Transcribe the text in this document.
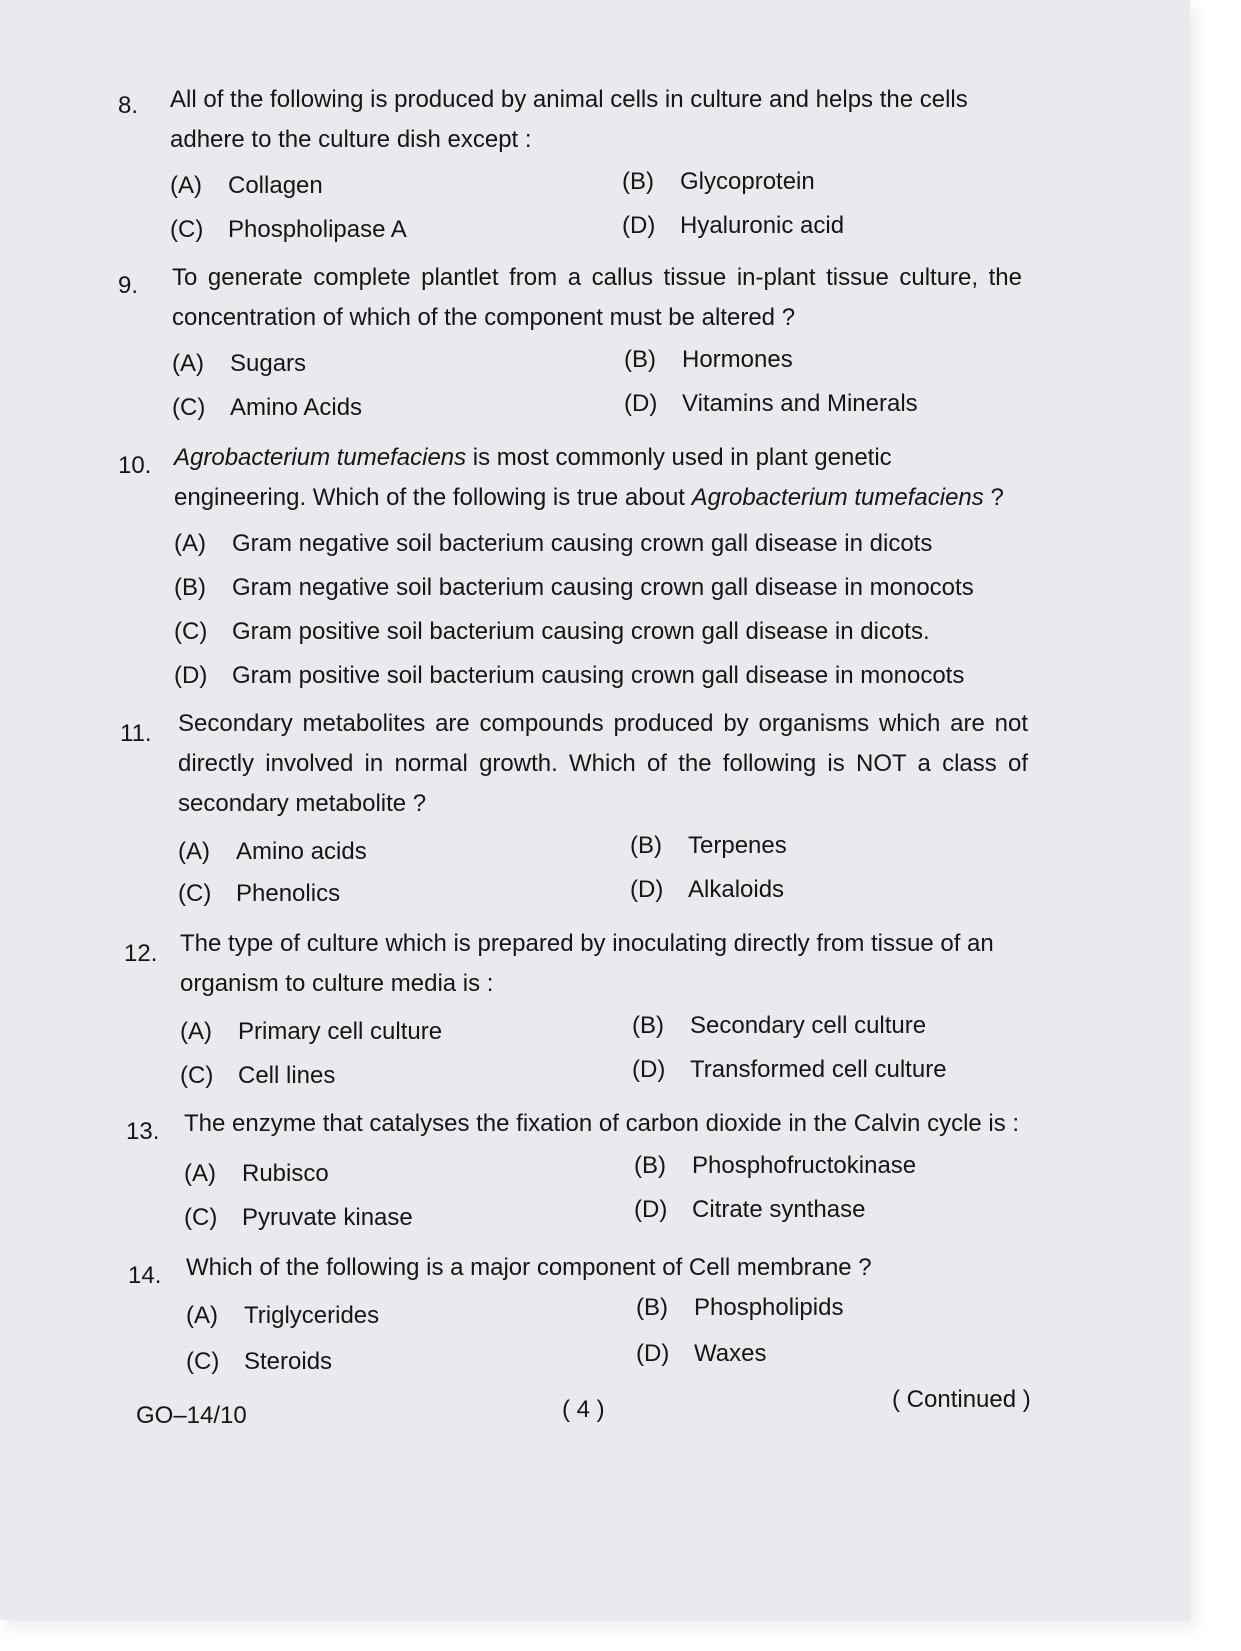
8. All of the following is produced by animal cells in culture and helps the cells adhere to the culture dish except :
(A) Collagen	(B) Glycoprotein
(C) Phospholipase A	(D) Hyaluronic acid
9. To generate complete plantlet from a callus tissue in-plant tissue culture, the concentration of which of the component must be altered ?
(A) Sugars	(B) Hormones
(C) Amino Acids	(D) Vitamins and Minerals
10. Agrobacterium tumefaciens is most commonly used in plant genetic engineering. Which of the following is true about Agrobacterium tumefaciens ?
(A) Gram negative soil bacterium causing crown gall disease in dicots
(B) Gram negative soil bacterium causing crown gall disease in monocots
(C) Gram positive soil bacterium causing crown gall disease in dicots.
(D) Gram positive soil bacterium causing crown gall disease in monocots
11. Secondary metabolites are compounds produced by organisms which are not directly involved in normal growth. Which of the following is NOT a class of secondary metabolite ?
(A) Amino acids	(B) Terpenes
(C) Phenolics	(D) Alkaloids
12. The type of culture which is prepared by inoculating directly from tissue of an organism to culture media is :
(A) Primary cell culture	(B) Secondary cell culture
(C) Cell lines	(D) Transformed cell culture
13. The enzyme that catalyses the fixation of carbon dioxide in the Calvin cycle is :
(A) Rubisco	(B) Phosphofructokinase
(C) Pyruvate kinase	(D) Citrate synthase
14. Which of the following is a major component of Cell membrane ?
(A) Triglycerides	(B) Phospholipids
(C) Steroids	(D) Waxes
GO–14/10	( 4 )	( Continued )
